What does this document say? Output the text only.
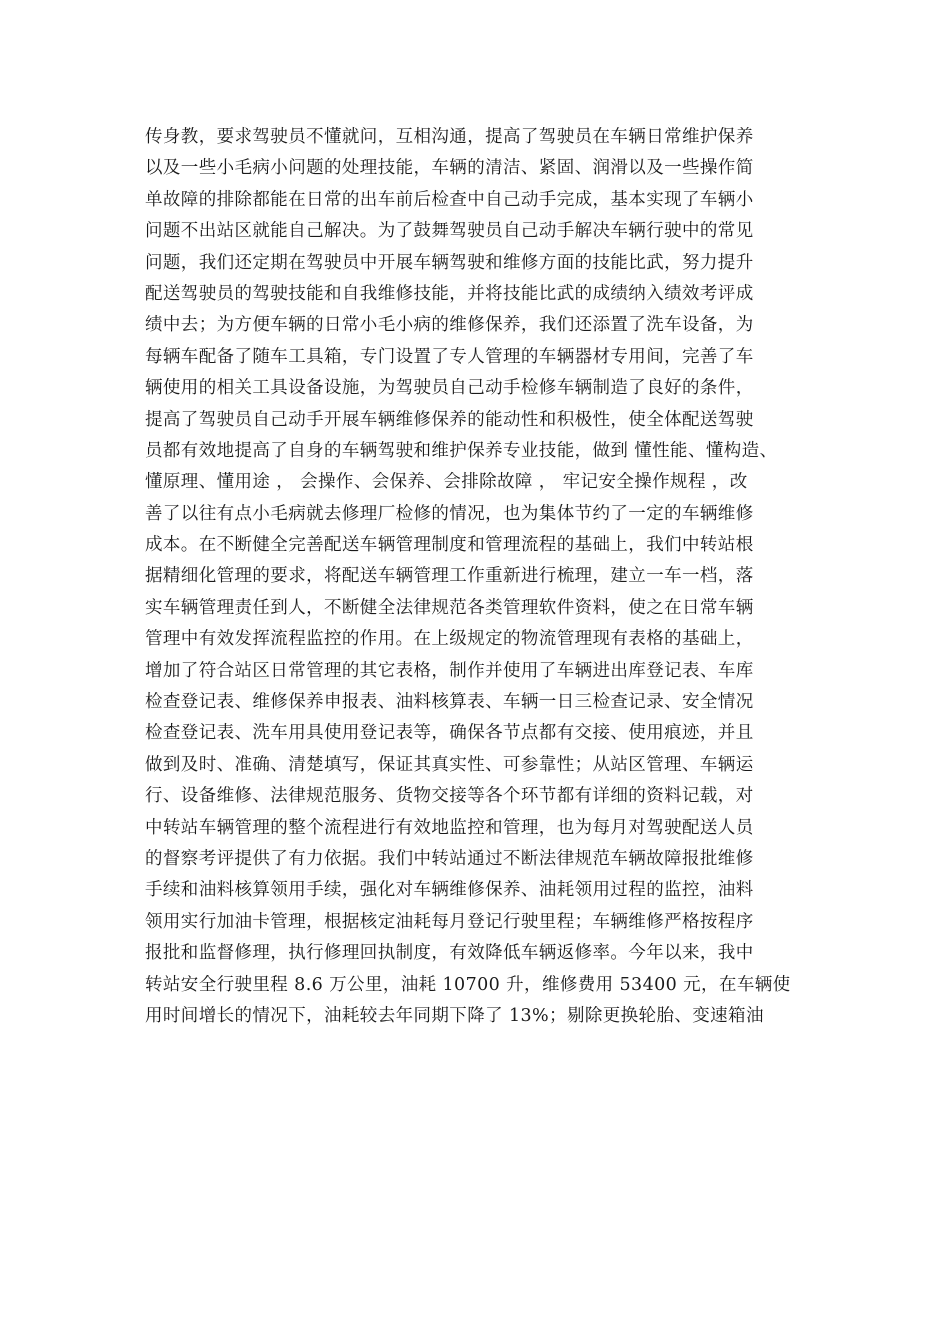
传身教，要求驾驶员不懂就问，互相沟通，提高了驾驶员在车辆日常维护保养
以及一些小毛病小问题的处理技能，车辆的清洁、紧固、润滑以及一些操作简
单故障的排除都能在日常的出车前后检查中自己动手完成，基本实现了车辆小
问题不出站区就能自己解决。为了鼓舞驾驶员自己动手解决车辆行驶中的常见
问题，我们还定期在驾驶员中开展车辆驾驶和维修方面的技能比武，努力提升
配送驾驶员的驾驶技能和自我维修技能，并将技能比武的成绩纳入绩效考评成
绩中去；为方便车辆的日常小毛小病的维修保养，我们还添置了洗车设备，为
每辆车配备了随车工具箱，专门设置了专人管理的车辆器材专用间，完善了车
辆使用的相关工具设备设施，为驾驶员自己动手检修车辆制造了良好的条件，
提高了驾驶员自己动手开展车辆维修保养的能动性和积极性，使全体配送驾驶
员都有效地提高了自身的车辆驾驶和维护保养专业技能，做到 懂性能、懂构造、
懂原理、懂用途 ， 会操作、会保养、会排除故障 ， 牢记安全操作规程 ，改
善了以往有点小毛病就去修理厂检修的情况，也为集体节约了一定的车辆维修
成本。在不断健全完善配送车辆管理制度和管理流程的基础上，我们中转站根
据精细化管理的要求，将配送车辆管理工作重新进行梳理，建立一车一档，落
实车辆管理责任到人，不断健全法律规范各类管理软件资料，使之在日常车辆
管理中有效发挥流程监控的作用。在上级规定的物流管理现有表格的基础上，
增加了符合站区日常管理的其它表格，制作并使用了车辆进出库登记表、车库
检查登记表、维修保养申报表、油料核算表、车辆一日三检查记录、安全情况
检查登记表、洗车用具使用登记表等，确保各节点都有交接、使用痕迹，并且
做到及时、准确、清楚填写，保证其真实性、可参靠性；从站区管理、车辆运
行、设备维修、法律规范服务、货物交接等各个环节都有详细的资料记载，对
中转站车辆管理的整个流程进行有效地监控和管理，也为每月对驾驶配送人员
的督察考评提供了有力依据。我们中转站通过不断法律规范车辆故障报批维修
手续和油料核算领用手续，强化对车辆维修保养、油耗领用过程的监控，油料
领用实行加油卡管理，根据核定油耗每月登记行驶里程；车辆维修严格按程序
报批和监督修理，执行修理回执制度，有效降低车辆返修率。今年以来，我中
转站安全行驶里程 8.6 万公里，油耗 10700 升，维修费用 53400 元，在车辆使
用时间增长的情况下，油耗较去年同期下降了 13%；剔除更换轮胎、变速箱油
